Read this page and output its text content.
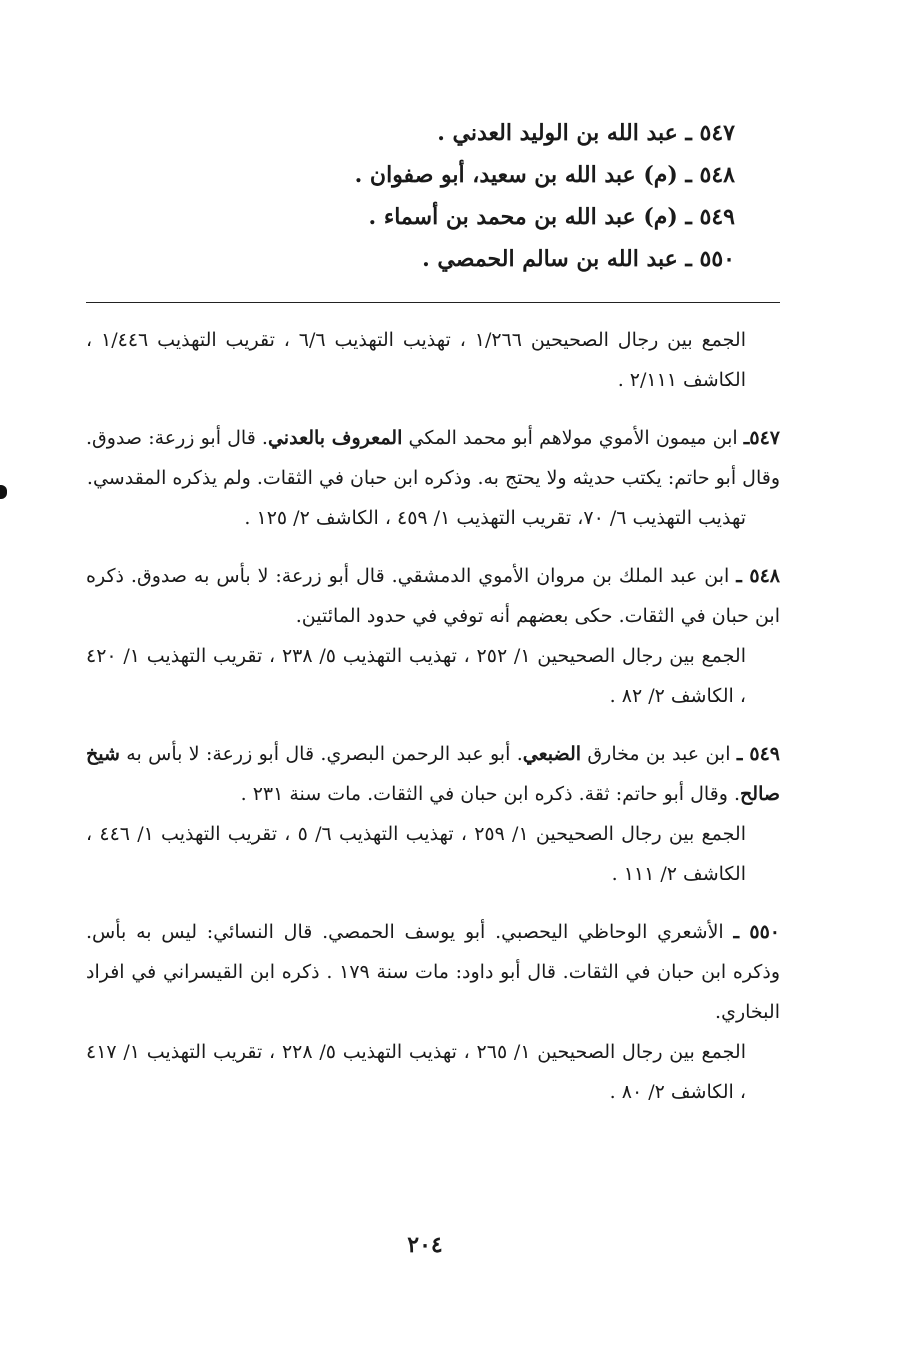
٥٤٧ ـ عبد الله بن الوليد العدني .
٥٤٨ ـ (م) عبد الله بن سعيد، أبو صفوان .
٥٤٩ ـ (م) عبد الله بن محمد بن أسماء .
٥٥٠ ـ عبد الله بن سالم الحمصي .

الجمع بين رجال الصحيحين ١/٢٦٦ ، تهذيب التهذيب ٦/٦ ، تقريب التهذيب ١/٤٤٦ ، الكاشف ٢/١١١ .

٥٤٧ـ ابن ميمون الأموي مولاهم أبو محمد المكي المعروف بالعدني. قال أبو زرعة: صدوق. وقال أبو حاتم: يكتب حديثه ولا يحتج به. وذكره ابن حبان في الثقات. ولم يذكره المقدسي.

تهذيب التهذيب ٦/ ٧٠، تقريب التهذيب ١/ ٤٥٩ ، الكاشف ٢/ ١٢٥ .

٥٤٨ ـ ابن عبد الملك بن مروان الأموي الدمشقي. قال أبو زرعة: لا بأس به صدوق. ذكره ابن حبان في الثقات. حكى بعضهم أنه توفي في حدود المائتين.

الجمع بين رجال الصحيحين ١/ ٢٥٢ ، تهذيب التهذيب ٥/ ٢٣٨ ، تقريب التهذيب ١/ ٤٢٠ ، الكاشف ٢/ ٨٢ .

٥٤٩ ـ ابن عبد بن مخارق الضبعي. أبو عبد الرحمن البصري. قال أبو زرعة: لا بأس به شيخ صالح. وقال أبو حاتم: ثقة. ذكره ابن حبان في الثقات. مات سنة ٢٣١ .

الجمع بين رجال الصحيحين ١/ ٢٥٩ ، تهذيب التهذيب ٦/ ٥ ، تقريب التهذيب ١/ ٤٤٦ ، الكاشف ٢/ ١١١ .

٥٥٠ ـ الأشعري الوحاظي اليحصبي. أبو يوسف الحمصي. قال النسائي: ليس به بأس. وذكره ابن حبان في الثقات. قال أبو داود: مات سنة ١٧٩ . ذكره ابن القيسراني في افراد البخاري.

الجمع بين رجال الصحيحين ١/ ٢٦٥ ، تهذيب التهذيب ٥/ ٢٢٨ ، تقريب التهذيب ١/ ٤١٧ ، الكاشف ٢/ ٨٠ .

٢٠٤
